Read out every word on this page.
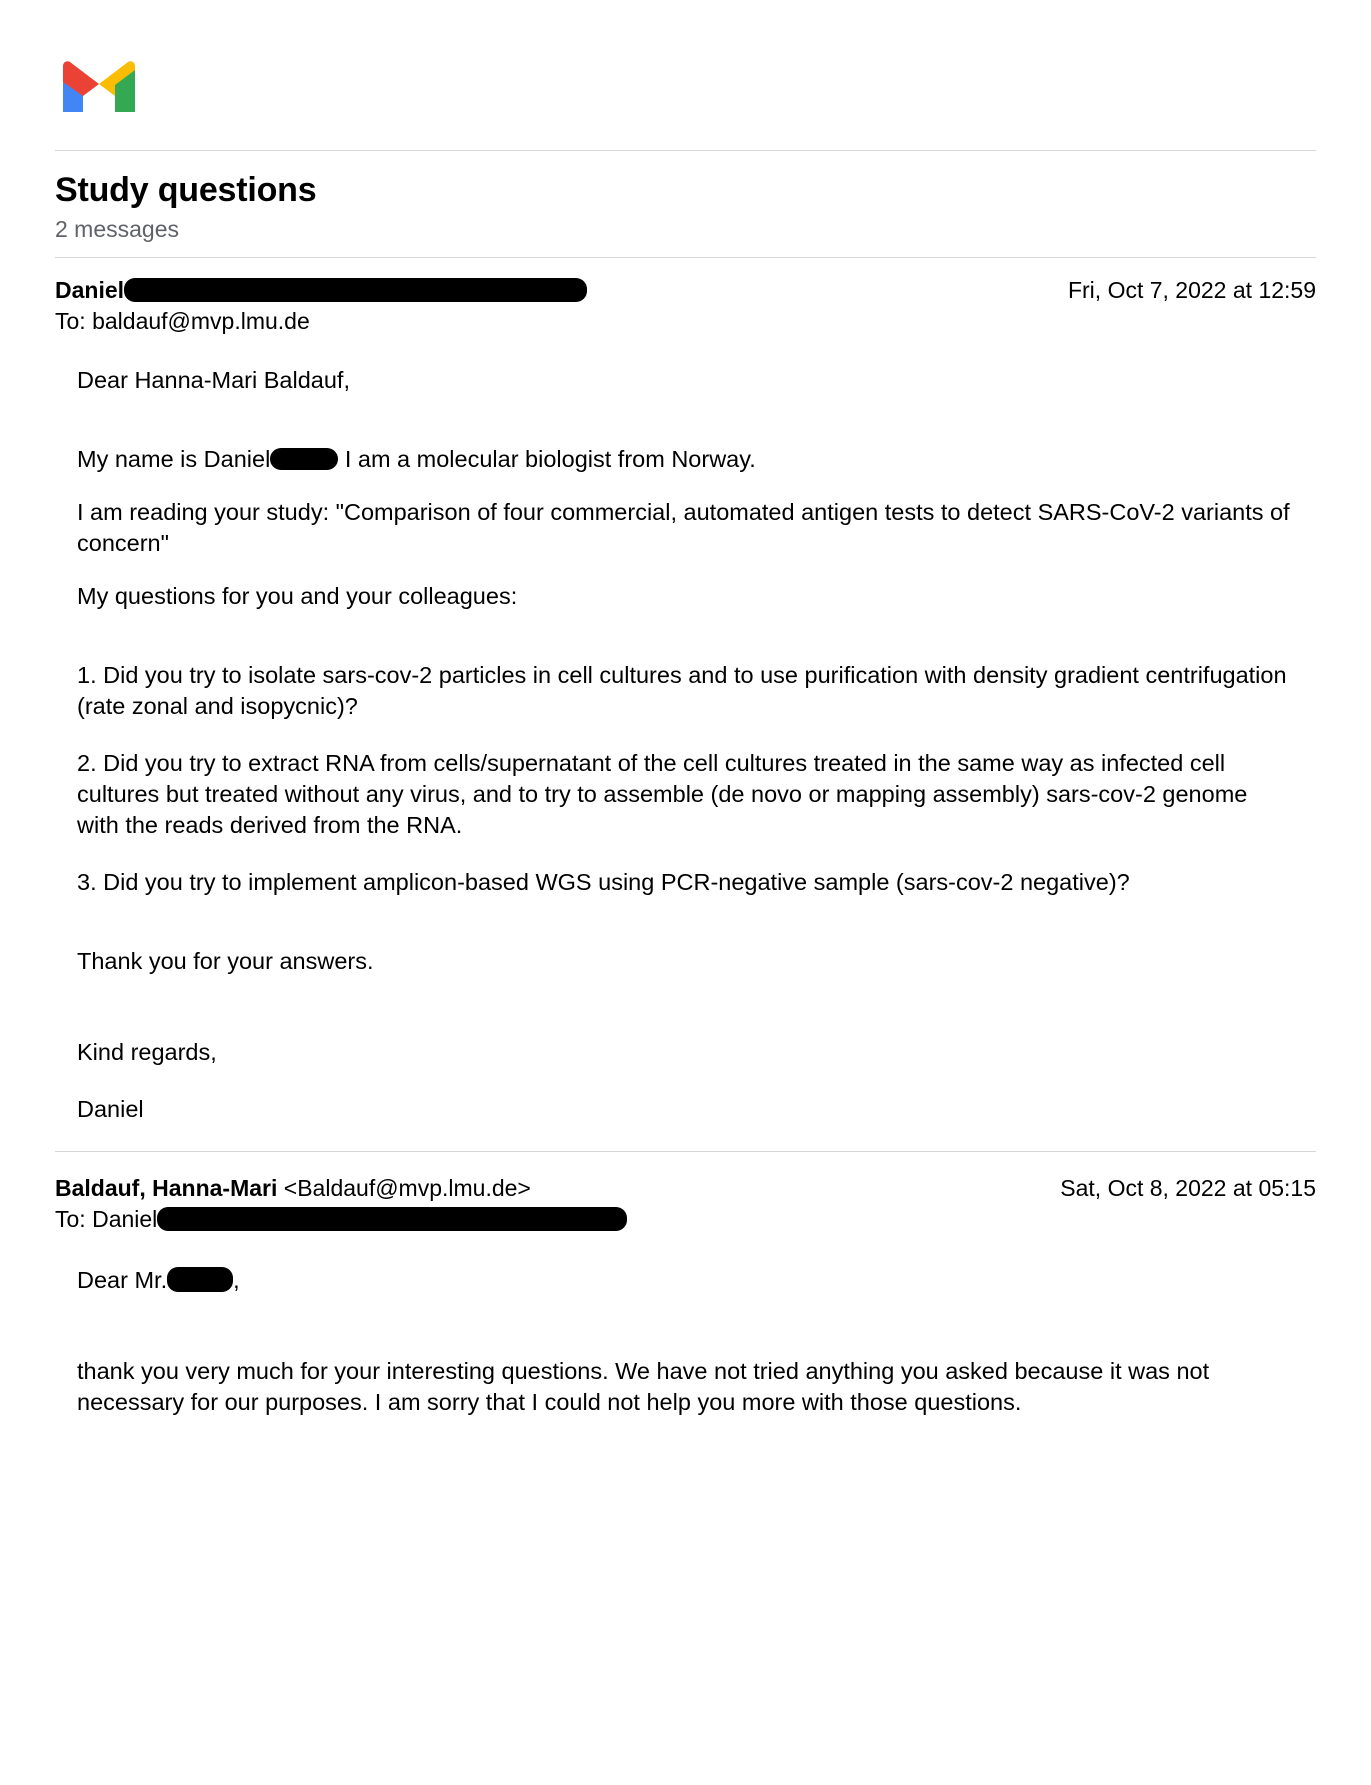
Study questions
2 messages
Daniel	Fri, Oct 7, 2022 at 12:59
To: baldauf@mvp.lmu.de

Dear Hanna-Mari Baldauf,

My name is Daniel	I am a molecular biologist from Norway.

I am reading your study: "Comparison of four commercial, automated antigen tests to detect SARS-CoV-2 variants of concern"

My questions for you and your colleagues:

1. Did you try to isolate sars-cov-2 particles in cell cultures and to use purification with density gradient centrifugation (rate zonal and isopycnic)?

2. Did you try to extract RNA from cells/supernatant of the cell cultures treated in the same way as infected cell cultures but treated without any virus, and to try to assemble (de novo or mapping assembly) sars-cov-2 genome with the reads derived from the RNA.

3. Did you try to implement amplicon-based WGS using PCR-negative sample (sars-cov-2 negative)?

Thank you for your answers.

Kind regards,

Daniel

Baldauf, Hanna-Mari <Baldauf@mvp.lmu.de>	Sat, Oct 8, 2022 at 05:15
To: Daniel

Dear Mr.	,

thank you very much for your interesting questions. We have not tried anything you asked because it was not necessary for our purposes. I am sorry that I could not help you more with those questions.
